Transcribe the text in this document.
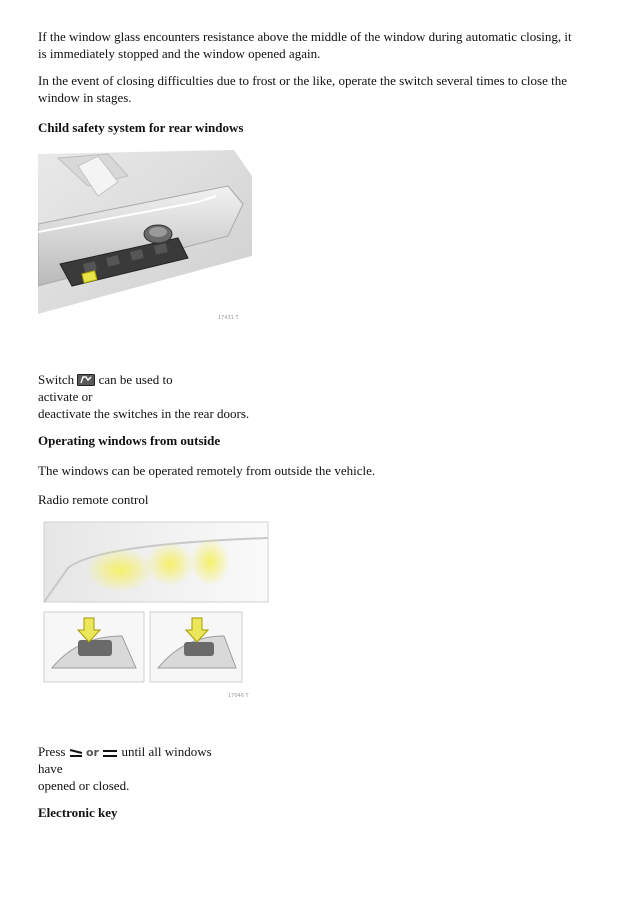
If the window glass encounters resistance above the middle of the window during automatic closing, it

is immediately stopped and the window opened again.

In the event of closing difficulties due to frost or the like, operate the switch several times to close the

window in stages.

Child safety system for rear windows

17431 T

Switch can be used to

activate or

deactivate the switches in the rear doors.

Operating windows from outside

The windows can be operated remotely from outside the vehicle.

Radio remote control

17046 T

Press or until all windows

have

opened or closed.

Electronic key
